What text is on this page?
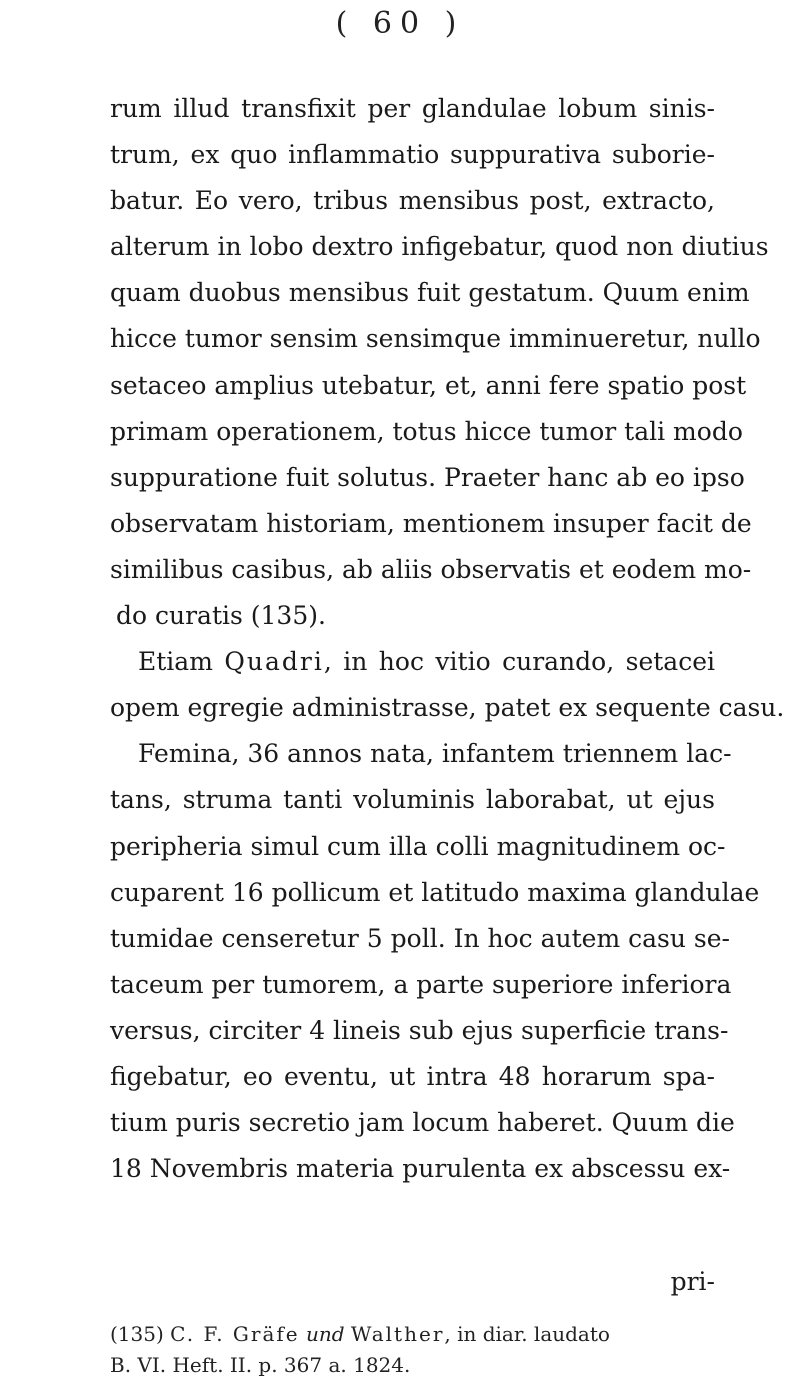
( 60 )
rum illud transfixit per glandulae lobum sinis-
trum, ex quo inflammatio suppurativa suborie-
batur. Eo vero, tribus mensibus post, extracto,
alterum in lobo dextro infigebatur, quod non diutius
quam duobus mensibus fuit gestatum. Quum enim
hicce tumor sensim sensimque imminueretur, nullo
setaceo amplius utebatur, et, anni fere spatio post
primam operationem, totus hicce tumor tali modo
suppuratione fuit solutus. Praeter hanc ab eo ipso
observatam historiam, mentionem insuper facit de
similibus casibus, ab aliis observatis et eodem mo-
do curatis (135).
Etiam Quadri, in hoc vitio curando, setacei
opem egregie administrasse, patet ex sequente casu.
Femina, 36 annos nata, infantem triennem lac-
tans, struma tanti voluminis laborabat, ut ejus
peripheria simul cum illa colli magnitudinem oc-
cuparent 16 pollicum et latitudo maxima glandulae
tumidae censeretur 5 poll. In hoc autem casu se-
taceum per tumorem, a parte superiore inferiora
versus, circiter 4 lineis sub ejus superficie trans-
figebatur, eo eventu, ut intra 48 horarum spa-
tium puris secretio jam locum haberet. Quum die
18 Novembris materia purulenta ex abscessu ex-
pri-
(135) C. F. Gräfe und Walther, in diar. laudato
B. VI. Heft. II. p. 367 a. 1824.
